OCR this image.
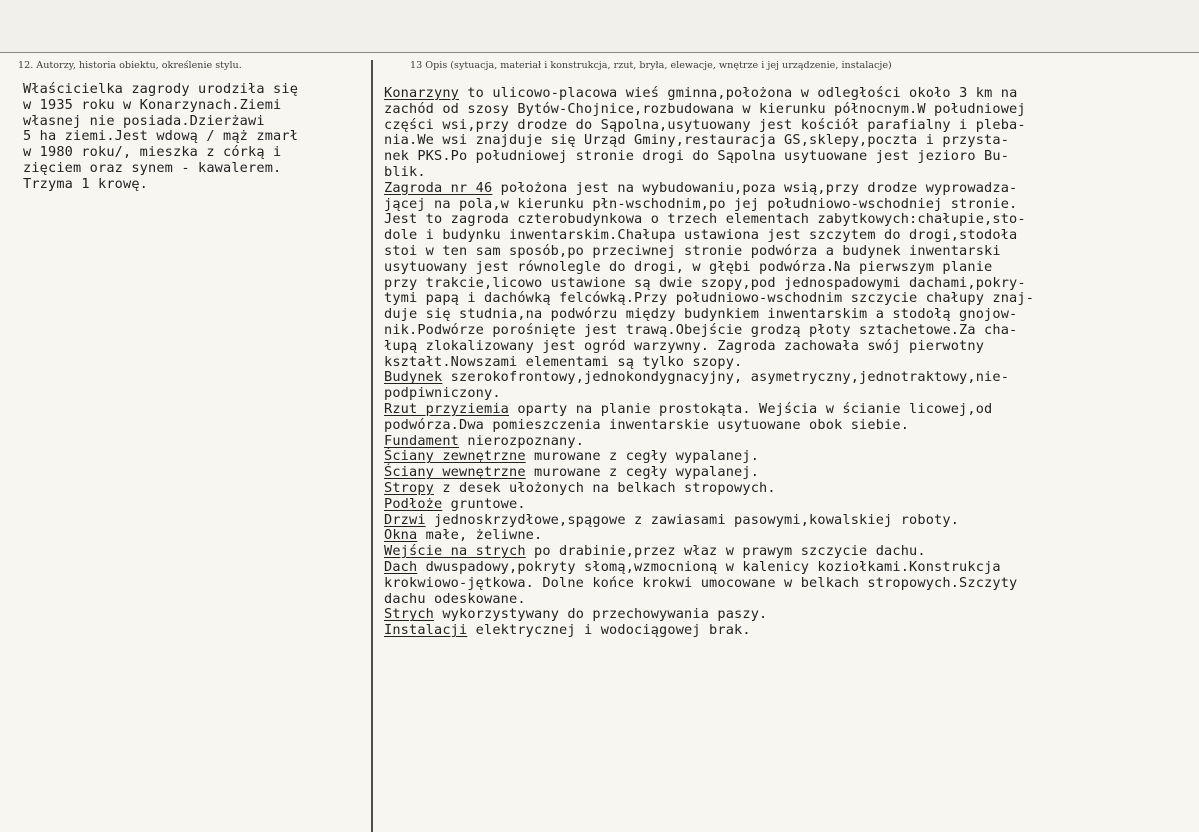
12. Autorzy, historia obiektu, określenie stylu.	13 Opis (sytuacja, materiał i konstrukcja, rzut, bryła, elewacje, wnętrze i jej urządzenie, instalacje)
Właścicielka zagrody urodziła się
w 1935 roku w Konarzynach.Ziemi
własnej nie posiada.Dzierżawi
5 ha ziemi.Jest wdową / mąż zmarł
w 1980 roku/, mieszka z córką i
zięciem oraz synem - kawalerem.
Trzyma 1 krowę.
Konarzyny to ulicowo-placowa wieś gminna,położona w odległości około 3 km na
zachód od szosy Bytów-Chojnice,rozbudowana w kierunku północnym.W południowej
części wsi,przy drodze do Sąpolna,usytuowany jest kościół parafialny i pleba-
nia.We wsi znajduje się Urząd Gminy,restauracja GS,sklepy,poczta i przysta-
nek PKS.Po południowej stronie drogi do Sąpolna usytuowane jest jezioro Bu-
blik.
Zagroda nr 46 położona jest na wybudowaniu,poza wsią,przy drodze wyprowadza-
jącej na pola,w kierunku płn-wschodnim,po jej południowo-wschodniej stronie.
Jest to zagroda czterobudynkowa o trzech elementach zabytkowych:chałupie,sto-
dole i budynku inwentarskim.Chałupa ustawiona jest szczytem do drogi,stodoła
stoi w ten sam sposób,po przeciwnej stronie podwórza a budynek inwentarski
usytuowany jest równolegle do drogi, w głębi podwórza.Na pierwszym planie
przy trakcie,licowo ustawione są dwie szopy,pod jednospadowymi dachami,pokry-
tymi papą i dachówką felcówką.Przy południowo-wschodnim szczycie chałupy znaj-
duje się studnia,na podwórzu między budynkiem inwentarskim a stodołą gnojow-
nik.Podwórze porośnięte jest trawą.Obejście grodzą płoty sztachetowe.Za cha-
łupą zlokalizowany jest ogród warzywny. Zagroda zachowała swój pierwotny
kształt.Nowszami elementami są tylko szopy.
Budynek szerokofrontowy,jednokondygnacyjny, asymetryczny,jednotraktowy,nie-
podpiwniczony.
Rzut przyziemia oparty na planie prostokąta. Wejścia w ścianie licowej,od
podwórza.Dwa pomieszczenia inwentarskie usytuowane obok siebie.
Fundament nierozpoznany.
Ściany zewnętrzne murowane z cegły wypalanej.
Ściany wewnętrzne murowane z cegły wypalanej.
Stropy z desek ułożonych na belkach stropowych.
Podłoże gruntowe.
Drzwi jednoskrzydłowe,spągowe z zawiasami pasowymi,kowalskiej roboty.
Okna małe, żeliwne.
Wejście na strych po drabinie,przez właz w prawym szczycie dachu.
Dach dwuspadowy,pokryty słomą,wzmocnioną w kalenicy koziołkami.Konstrukcja
krokwiowo-jętkowa. Dolne końce krokwi umocowane w belkach stropowych.Szczyty
dachu odeskowane.
Strych wykorzystywany do przechowywania paszy.
Instalacji elektrycznej i wodociągowej brak.
